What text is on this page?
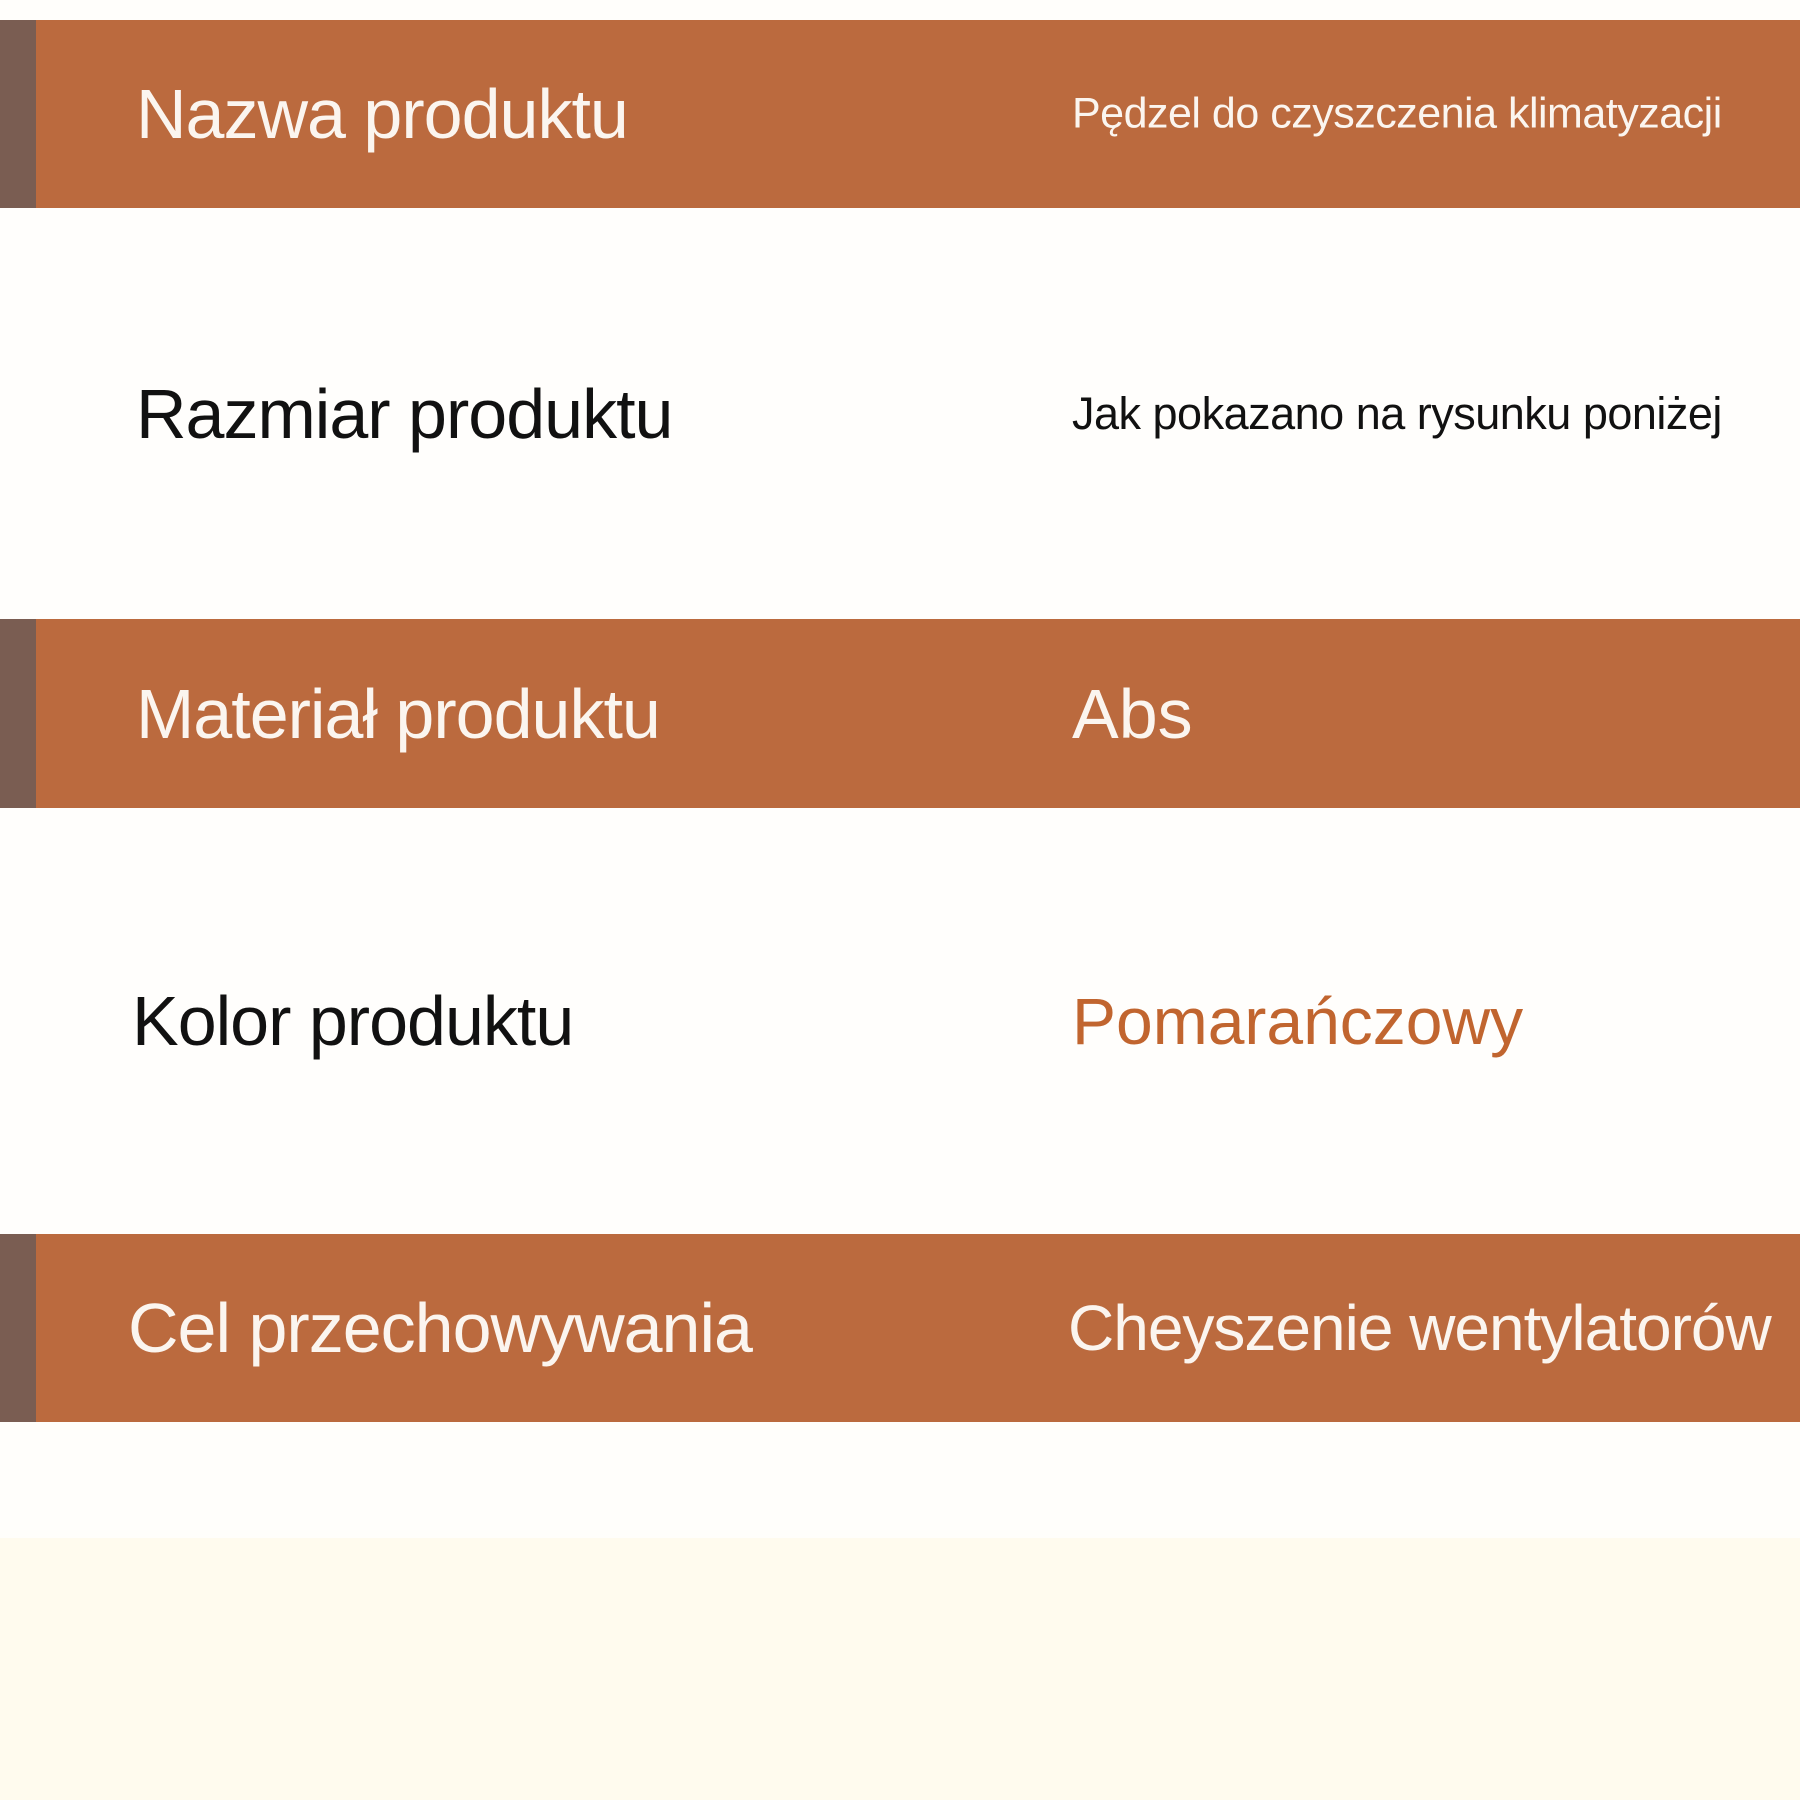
Nazwa produktu	Pędzel do czyszczenia klimatyzacji
Razmiar produktu	Jak pokazano na rysunku poniżej
Materiał produktu	Abs
Kolor produktu	Pomarańczowy
Cel przechowywania	Cheyszenie wentylatorów
